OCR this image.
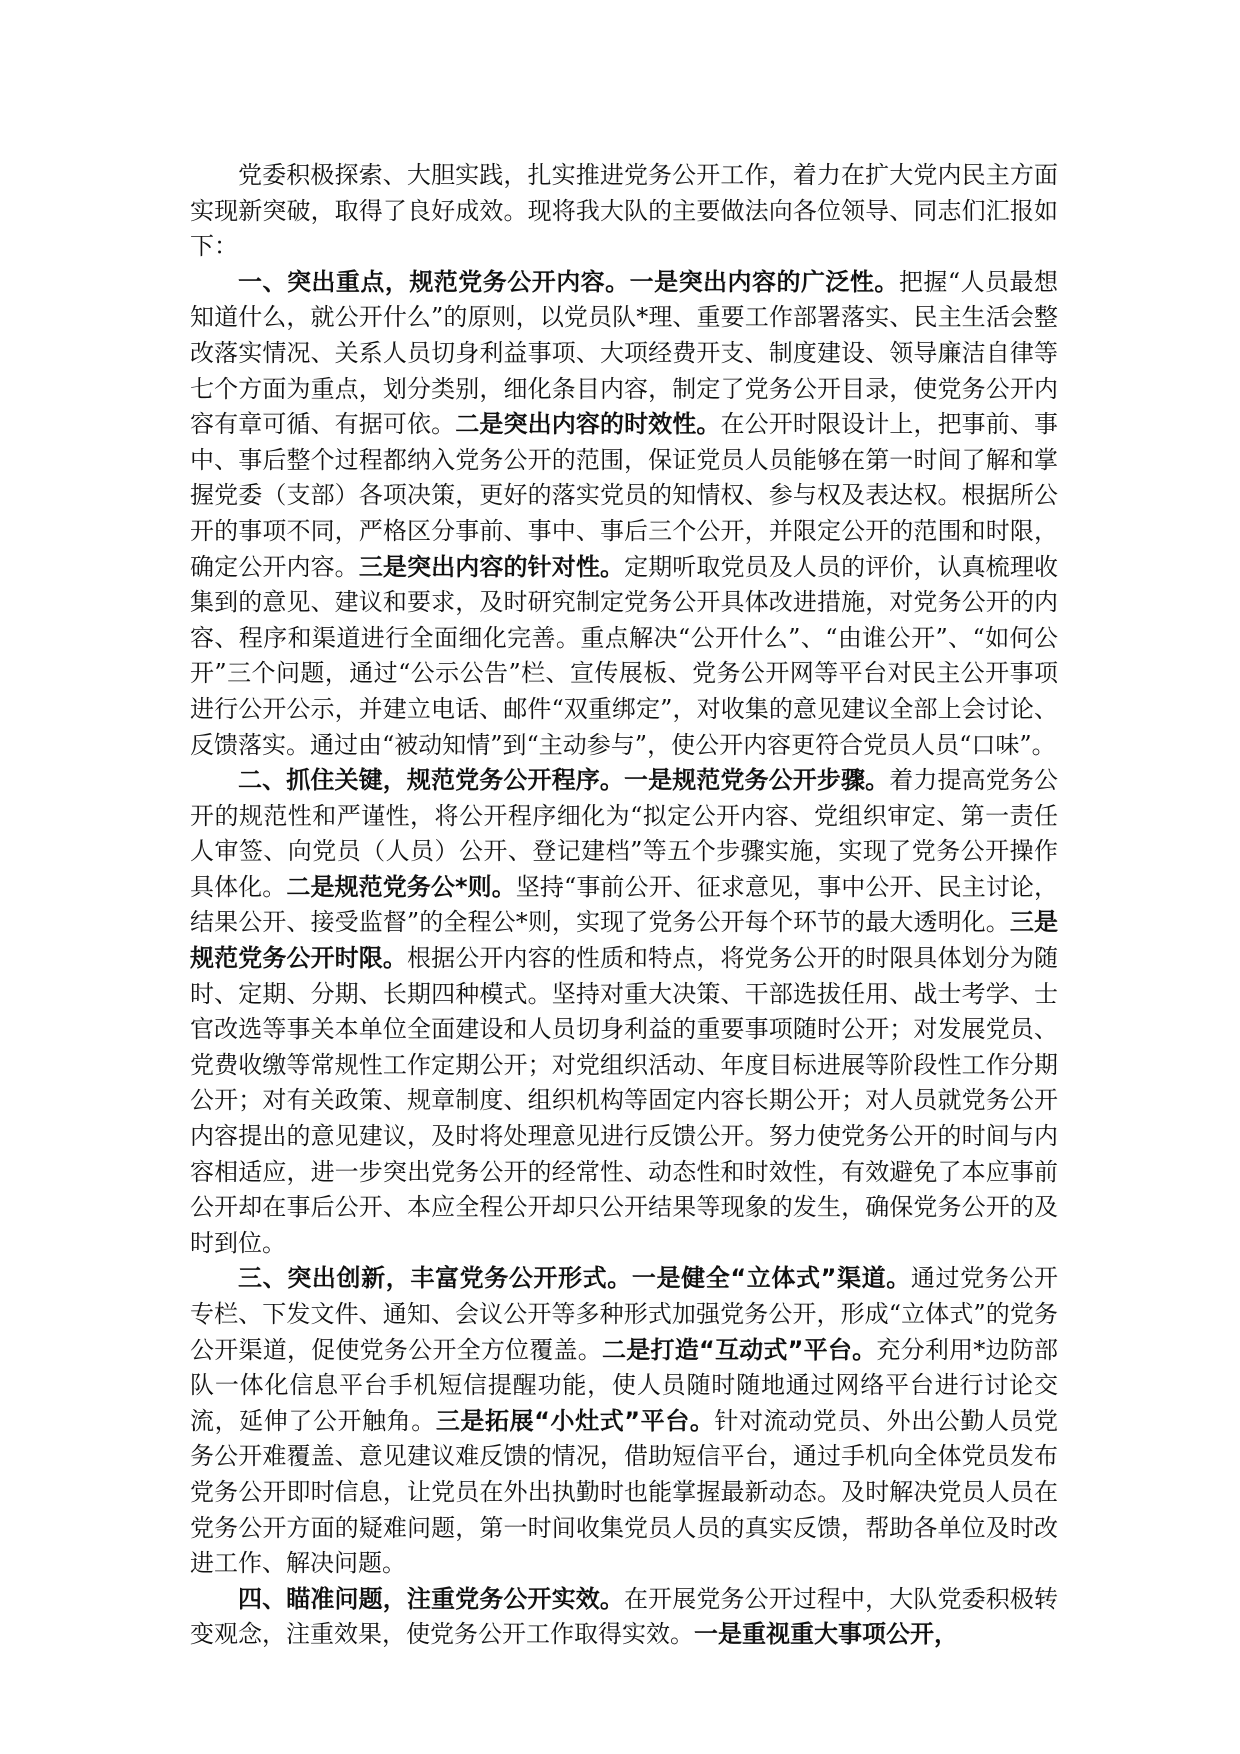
党委积极探索、大胆实践，扎实推进党务公开工作，着力在扩大党内民主方面实现新突破，取得了良好成效。现将我大队的主要做法向各位领导、同志们汇报如下：

一、突出重点，规范党务公开内容。一是突出内容的广泛性。把握“人员最想知道什么，就公开什么”的原则，以党员队*理、重要工作部署落实、民主生活会整改落实情况、关系人员切身利益事项、大项经费开支、制度建设、领导廉洁自律等七个方面为重点，划分类别，细化条目内容，制定了党务公开目录，使党务公开内容有章可循、有据可依。二是突出内容的时效性。在公开时限设计上，把事前、事中、事后整个过程都纳入党务公开的范围，保证党员人员能够在第一时间了解和掌握党委（支部）各项决策，更好的落实党员的知情权、参与权及表达权。根据所公开的事项不同，严格区分事前、事中、事后三个公开，并限定公开的范围和时限，确定公开内容。三是突出内容的针对性。定期听取党员及人员的评价，认真梳理收集到的意见、建议和要求，及时研究制定党务公开具体改进措施，对党务公开的内容、程序和渠道进行全面细化完善。重点解决“公开什么”、“由谁公开”、“如何公开”三个问题，通过“公示公告”栏、宣传展板、党务公开网等平台对民主公开事项进行公开公示，并建立电话、邮件“双重绑定”，对收集的意见建议全部上会讨论、反馈落实。通过由“被动知情”到“主动参与”，使公开内容更符合党员人员“口味”。

二、抓住关键，规范党务公开程序。一是规范党务公开步骤。着力提高党务公开的规范性和严谨性，将公开程序细化为“拟定公开内容、党组织审定、第一责任人审签、向党员（人员）公开、登记建档”等五个步骤实施，实现了党务公开操作具体化。二是规范党务公*则。坚持“事前公开、征求意见，事中公开、民主讨论，结果公开、接受监督”的全程公*则，实现了党务公开每个环节的最大透明化。三是规范党务公开时限。根据公开内容的性质和特点，将党务公开的时限具体划分为随时、定期、分期、长期四种模式。坚持对重大决策、干部选拔任用、战士考学、士官改选等事关本单位全面建设和人员切身利益的重要事项随时公开；对发展党员、党费收缴等常规性工作定期公开；对党组织活动、年度目标进展等阶段性工作分期公开；对有关政策、规章制度、组织机构等固定内容长期公开；对人员就党务公开内容提出的意见建议，及时将处理意见进行反馈公开。努力使党务公开的时间与内容相适应，进一步突出党务公开的经常性、动态性和时效性，有效避免了本应事前公开却在事后公开、本应全程公开却只公开结果等现象的发生，确保党务公开的及时到位。

三、突出创新，丰富党务公开形式。一是健全“立体式”渠道。通过党务公开专栏、下发文件、通知、会议公开等多种形式加强党务公开，形成“立体式”的党务公开渠道，促使党务公开全方位覆盖。二是打造“互动式”平台。充分利用*边防部队一体化信息平台手机短信提醒功能，使人员随时随地通过网络平台进行讨论交流，延伸了公开触角。三是拓展“小灶式”平台。针对流动党员、外出公勤人员党务公开难覆盖、意见建议难反馈的情况，借助短信平台，通过手机向全体党员发布党务公开即时信息，让党员在外出执勤时也能掌握最新动态。及时解决党员人员在党务公开方面的疑难问题，第一时间收集党员人员的真实反馈，帮助各单位及时改进工作、解决问题。

四、瞄准问题，注重党务公开实效。在开展党务公开过程中，大队党委积极转变观念，注重效果，使党务公开工作取得实效。一是重视重大事项公开，
